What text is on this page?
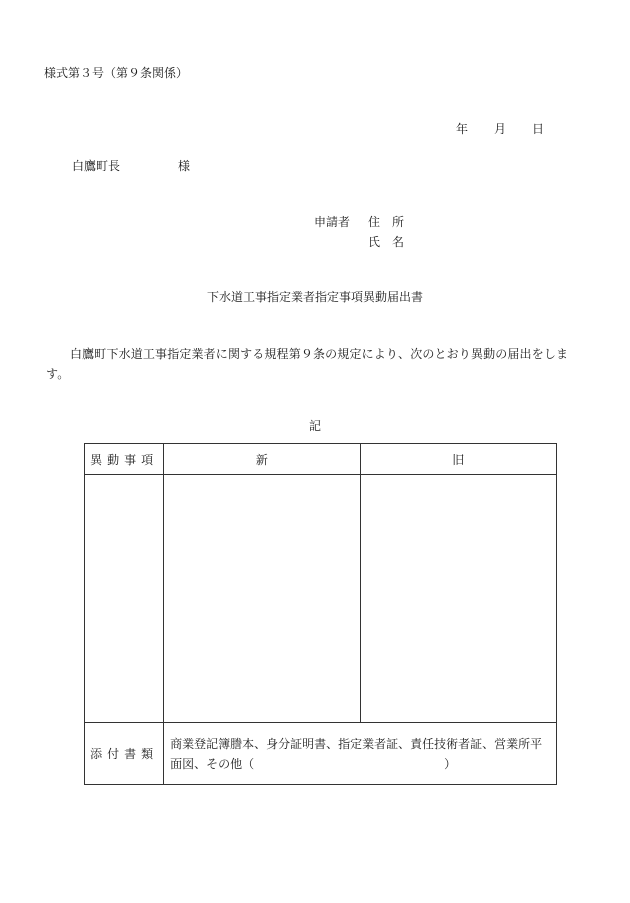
様式第３号（第９条関係）
年 月 日
白鷹町長	様
申請者 住　所
氏　名
下水道工事指定業者指定事項異動届出書
白鷹町下水道工事指定業者に関する規程第９条の規定により、次のとおり異動の届出をします。
記
異動事項	新	旧

添付書類	商業登記簿謄本、身分証明書、指定業者証、責任技術者証、営業所平面図、その他（ ）	
